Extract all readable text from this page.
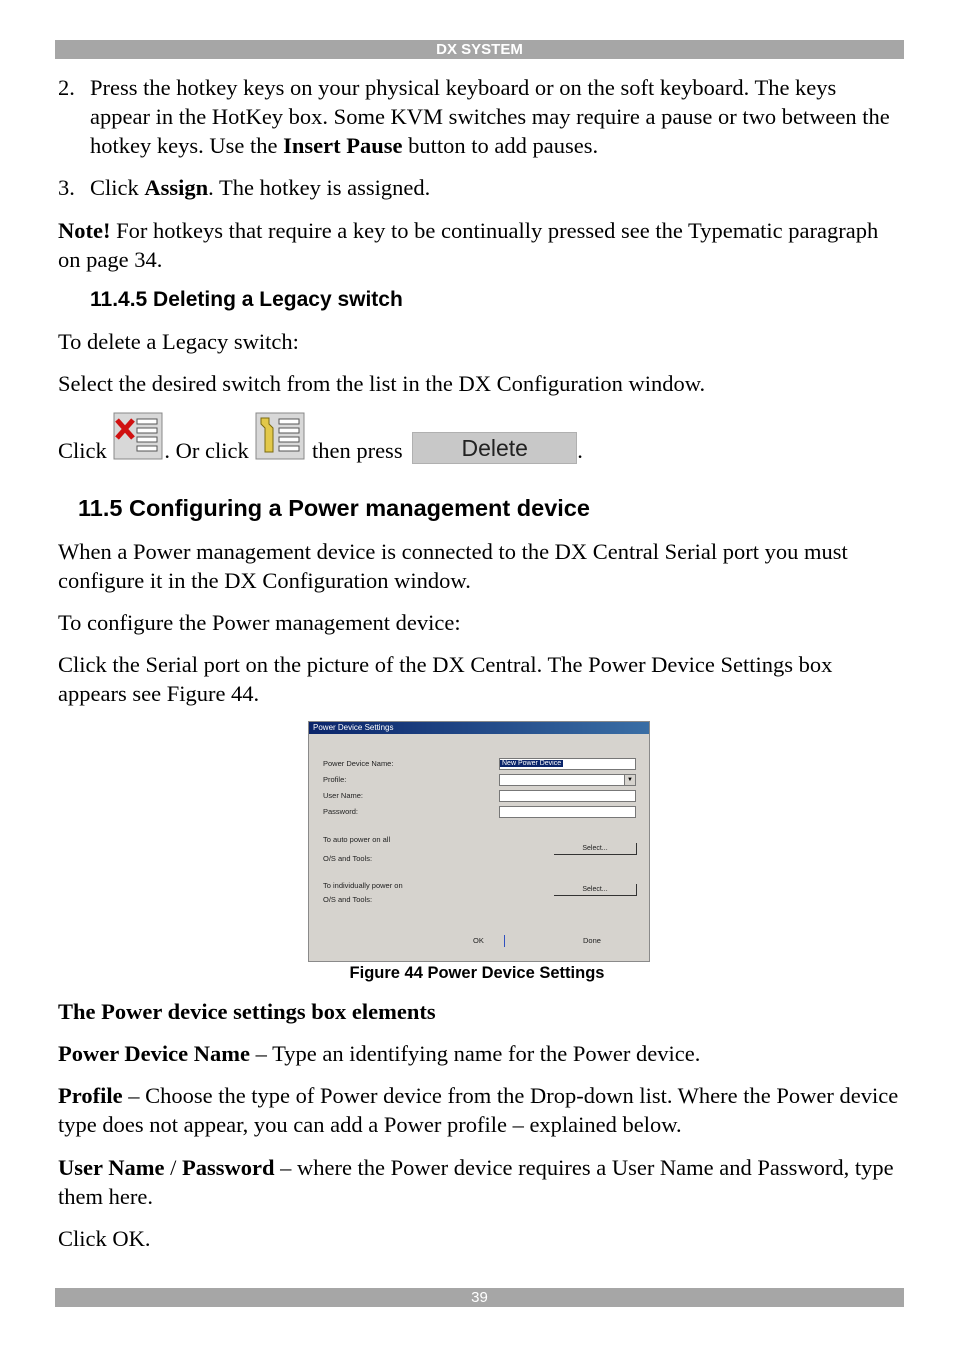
DX SYSTEM
2. Press the hotkey keys on your physical keyboard or on the soft keyboard. The keys appear in the HotKey box. Some KVM switches may require a pause or two between the hotkey keys. Use the Insert Pause button to add pauses.
3. Click Assign. The hotkey is assigned.

Note! For hotkeys that require a key to be continually pressed see the Typematic paragraph on page 34.

11.4.5 Deleting a Legacy switch

To delete a Legacy switch:

Select the desired switch from the list in the DX Configuration window.

Click	. Or click	then press	Delete .

11.5 Configuring a Power management device

When a Power management device is connected to the DX Central Serial port you must configure it in the DX Configuration window.

To configure the Power management device:

Click the Serial port on the picture of the DX Central. The Power Device Settings box appears see Figure 44.

Power Device Settings
Power Device Name:	New Power Device
Profile:	▼
User Name:
Password:
To auto power on all
O/S and Tools:
Select...
To individually power on
O/S and Tools:
Select...
OK	Done
Figure 44 Power Device Settings

The Power device settings box elements

Power Device Name – Type an identifying name for the Power device.

Profile – Choose the type of Power device from the Drop-down list. Where the Power device type does not appear, you can add a Power profile – explained below.

User Name / Password – where the Power device requires a User Name and Password, type them here.

Click OK.

39
